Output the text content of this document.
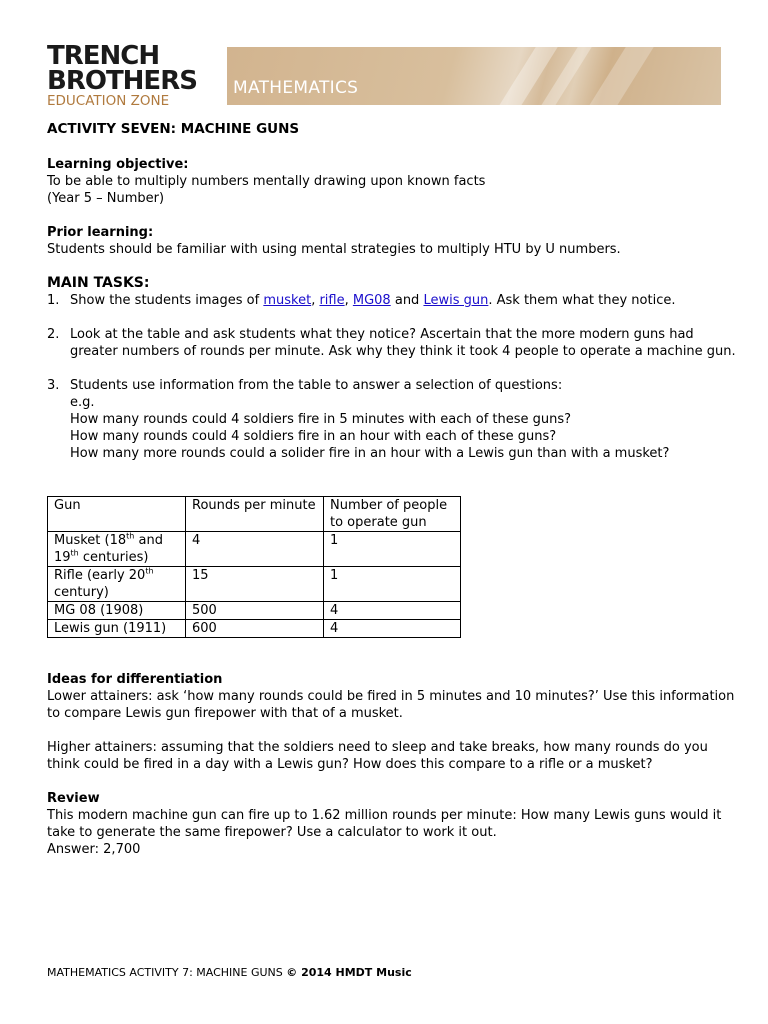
TRENCH
BROTHERS
EDUCATION ZONE
MATHEMATICS
ACTIVITY SEVEN: MACHINE GUNS

Learning objective:

To be able to multiply numbers mentally drawing upon known facts

(Year 5 – Number)

Prior learning:

Students should be familiar with using mental strategies to multiply HTU by U numbers.

MAIN TASKS:

1. Show the students images of musket, rifle, MG08 and Lewis gun. Ask them what they notice.
2. Look at the table and ask students what they notice? Ascertain that the more modern guns had greater numbers of rounds per minute. Ask why they think it took 4 people to operate a machine gun.
3. Students use information from the table to answer a selection of questions:

e.g.

How many rounds could 4 soldiers fire in 5 minutes with each of these guns?

How many rounds could 4 soldiers fire in an hour with each of these guns?

How many more rounds could a solider fire in an hour with a Lewis gun than with a musket?

Gun	Rounds per minute	Number of people to operate gun
Musket (18th and 19th centuries)	4	1
Rifle (early 20th century)	15	1
MG 08 (1908)	500	4
Lewis gun (1911)	600	4

Ideas for differentiation

Lower attainers: ask ‘how many rounds could be fired in 5 minutes and 10 minutes?’ Use this information to compare Lewis gun firepower with that of a musket.

Higher attainers: assuming that the soldiers need to sleep and take breaks, how many rounds do you think could be fired in a day with a Lewis gun? How does this compare to a rifle or a musket?

Review

This modern machine gun can fire up to 1.62 million rounds per minute: How many Lewis guns would it take to generate the same firepower? Use a calculator to work it out.

Answer: 2,700

MATHEMATICS ACTIVITY 7: MACHINE GUNS © 2014 HMDT Music
